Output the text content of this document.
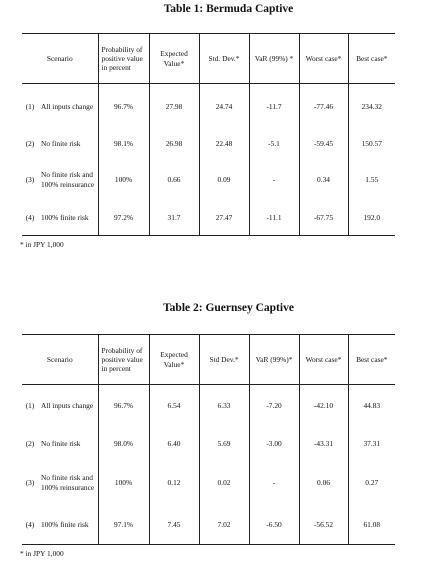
Table 1: Bermuda Captive
Scenario		Probability of positive value in percent	Expected Value*	Std. Dev.*	VaR (99%) *	Worst case*	Best case*
(1)	All inputs change	96.7%	27.98	24.74	-11.7	-77.46	234.32
(2)	No finite risk	98.1%	26.98	22.48	-5.1	-59.45	150.57
(3)	No finite risk and 100% reinsurance	100%	0.66	0.09	-	0.34	1.55
(4)	100% finite risk	97.2%	31.7	27.47	-11.1	-67.75	192.0
* in JPY 1,000
Table 2: Guernsey Captive
Scenario		Probability of positive value in percent	Expected Value*	Std Dev.*	VaR (99%)*	Worst case*	Best case*
(1)	All inputs change	96.7%	6.54	6.33	-7.20	-42.10	44.83
(2)	No finite risk	98.0%	6.40	5.69	-3.00	-43.31	37.31
(3)	No finite risk and 100% reinsurance	100%	0.12	0.02	-	0.06	0.27
(4)	100% finite risk	97.1%	7.45	7.02	-6.50	-56.52	61.08
* in JPY 1,000
